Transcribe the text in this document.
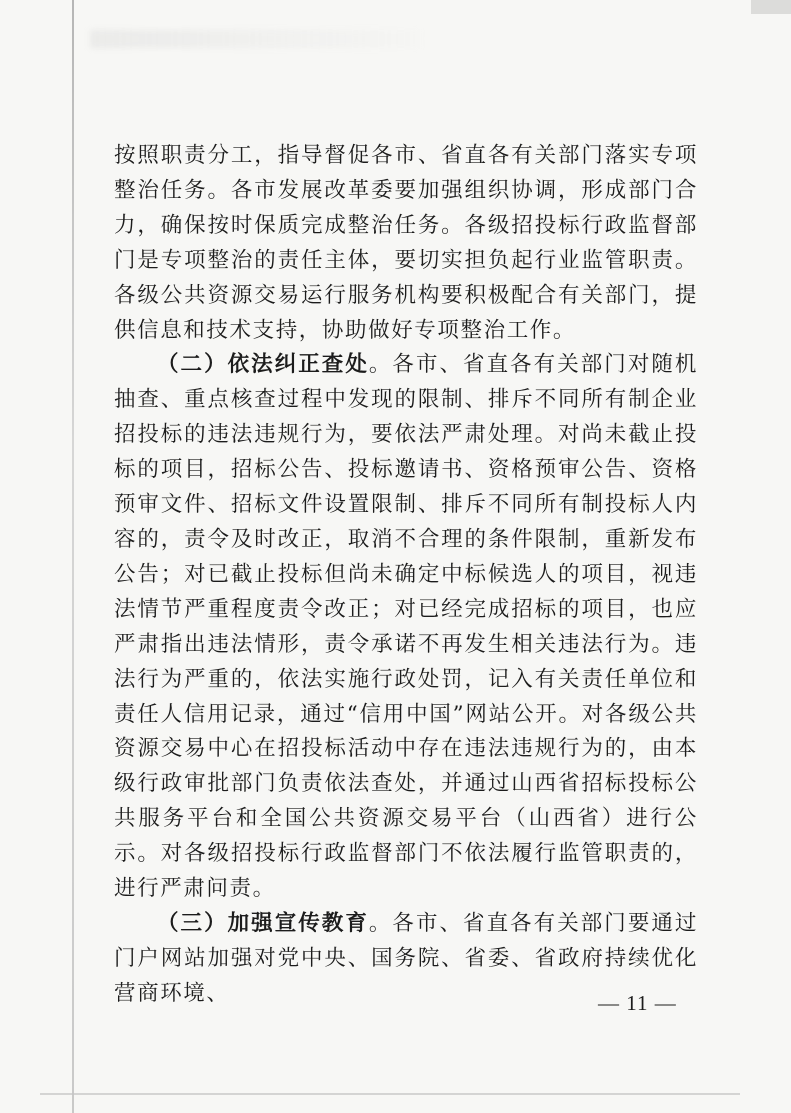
按照职责分工，指导督促各市、省直各有关部门落实专项整治任务。各市发展改革委要加强组织协调，形成部门合力，确保按时保质完成整治任务。各级招投标行政监督部门是专项整治的责任主体，要切实担负起行业监管职责。各级公共资源交易运行服务机构要积极配合有关部门，提供信息和技术支持，协助做好专项整治工作。

（二）依法纠正查处。各市、省直各有关部门对随机抽查、重点核查过程中发现的限制、排斥不同所有制企业招投标的违法违规行为，要依法严肃处理。对尚未截止投标的项目，招标公告、投标邀请书、资格预审公告、资格预审文件、招标文件设置限制、排斥不同所有制投标人内容的，责令及时改正，取消不合理的条件限制，重新发布公告；对已截止投标但尚未确定中标候选人的项目，视违法情节严重程度责令改正；对已经完成招标的项目，也应严肃指出违法情形，责令承诺不再发生相关违法行为。违法行为严重的，依法实施行政处罚，记入有关责任单位和责任人信用记录，通过“信用中国”网站公开。对各级公共资源交易中心在招投标活动中存在违法违规行为的，由本级行政审批部门负责依法查处，并通过山西省招标投标公共服务平台和全国公共资源交易平台（山西省）进行公示。对各级招投标行政监督部门不依法履行监管职责的，进行严肃问责。

（三）加强宣传教育。各市、省直各有关部门要通过门户网站加强对党中央、国务院、省委、省政府持续优化营商环境、	— 11 —
